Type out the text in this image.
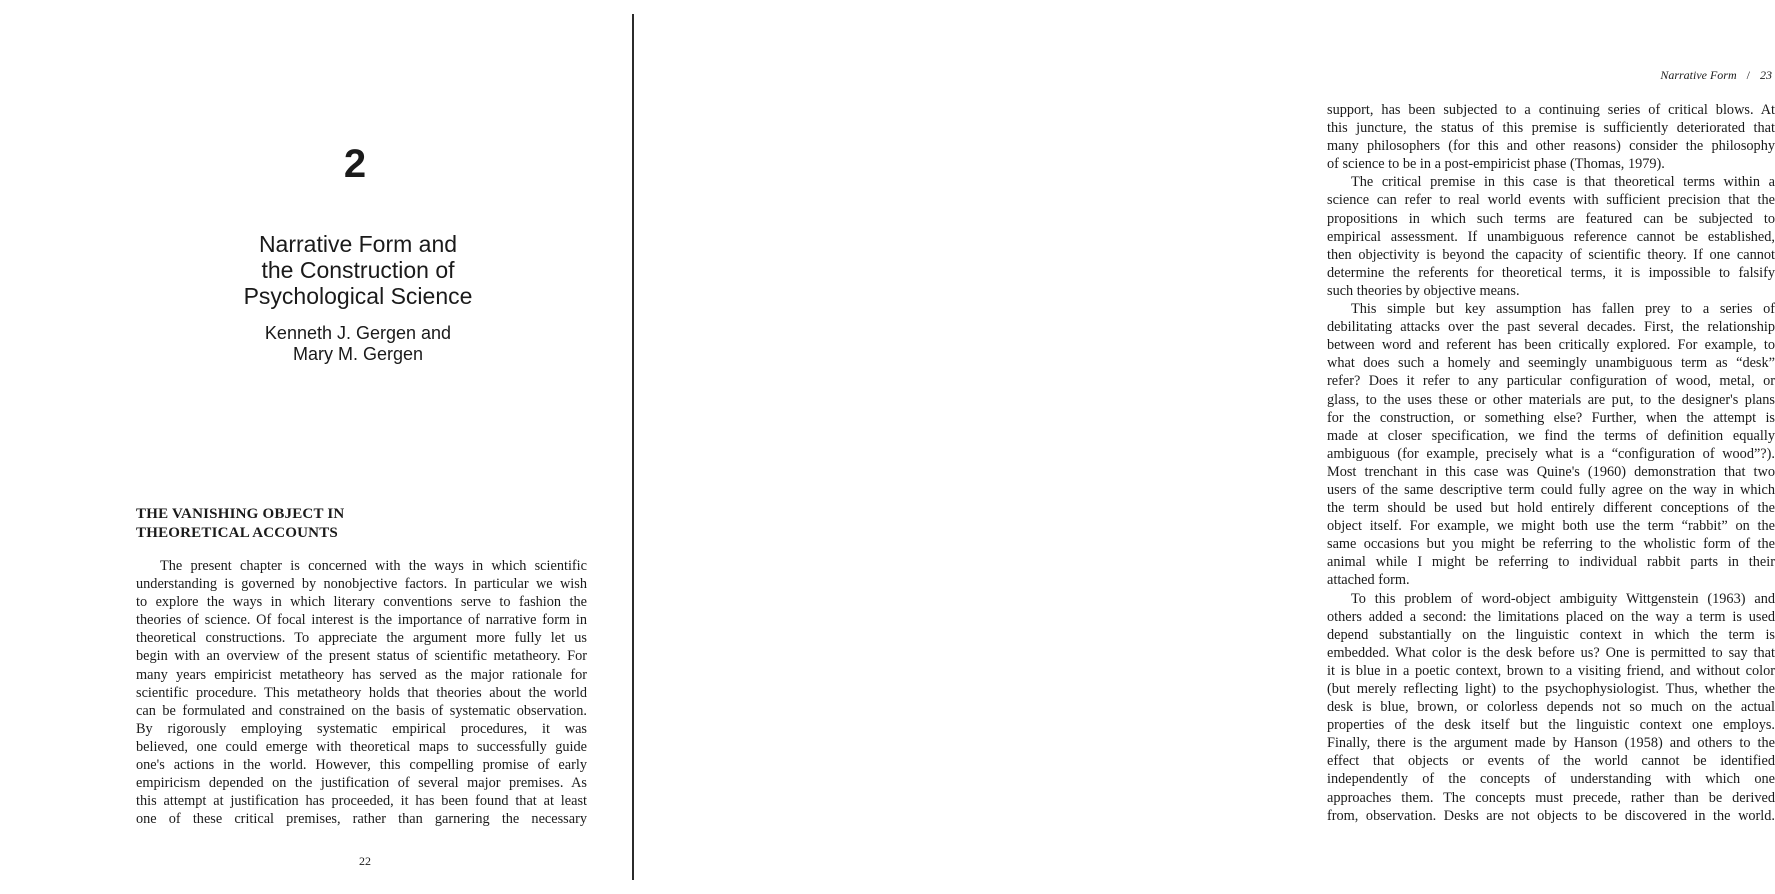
2
Narrative Form and
the Construction of
Psychological Science
Kenneth J. Gergen and
Mary M. Gergen
THE VANISHING OBJECT IN
THEORETICAL ACCOUNTS
The present chapter is concerned with the ways in which scientific
understanding is governed by nonobjective factors. In particular we wish
to explore the ways in which literary conventions serve to fashion the
theories of science. Of focal interest is the importance of narrative form in
theoretical constructions. To appreciate the argument more fully let us
begin with an overview of the present status of scientific metatheory. For
many years empiricist metatheory has served as the major rationale for
scientific procedure. This metatheory holds that theories about the world
can be formulated and constrained on the basis of systematic observation.
By rigorously employing systematic empirical procedures, it was
believed, one could emerge with theoretical maps to successfully guide
one's actions in the world. However, this compelling promise of early
empiricism depended on the justification of several major premises. As
this attempt at justification has proceeded, it has been found that at least
one of these critical premises, rather than garnering the necessary
22
Narrative Form / 23
support, has been subjected to a continuing series of critical blows. At
this juncture, the status of this premise is sufficiently deteriorated that
many philosophers (for this and other reasons) consider the philosophy
of science to be in a post-empiricist phase (Thomas, 1979).
The critical premise in this case is that theoretical terms within a
science can refer to real world events with sufficient precision that the
propositions in which such terms are featured can be subjected to
empirical assessment. If unambiguous reference cannot be established,
then objectivity is beyond the capacity of scientific theory. If one cannot
determine the referents for theoretical terms, it is impossible to falsify
such theories by objective means.
This simple but key assumption has fallen prey to a series of
debilitating attacks over the past several decades. First, the relationship
between word and referent has been critically explored. For example, to
what does such a homely and seemingly unambiguous term as “desk”
refer? Does it refer to any particular configuration of wood, metal, or
glass, to the uses these or other materials are put, to the designer's plans
for the construction, or something else? Further, when the attempt is
made at closer specification, we find the terms of definition equally
ambiguous (for example, precisely what is a “configuration of wood”?).
Most trenchant in this case was Quine's (1960) demonstration that two
users of the same descriptive term could fully agree on the way in which
the term should be used but hold entirely different conceptions of the
object itself. For example, we might both use the term “rabbit” on the
same occasions but you might be referring to the wholistic form of the
animal while I might be referring to individual rabbit parts in their
attached form.
To this problem of word-object ambiguity Wittgenstein (1963) and
others added a second: the limitations placed on the way a term is used
depend substantially on the linguistic context in which the term is
embedded. What color is the desk before us? One is permitted to say that
it is blue in a poetic context, brown to a visiting friend, and without color
(but merely reflecting light) to the psychophysiologist. Thus, whether the
desk is blue, brown, or colorless depends not so much on the actual
properties of the desk itself but the linguistic context one employs.
Finally, there is the argument made by Hanson (1958) and others to the
effect that objects or events of the world cannot be identified
independently of the concepts of understanding with which one
approaches them. The concepts must precede, rather than be derived
from, observation. Desks are not objects to be discovered in the world.
